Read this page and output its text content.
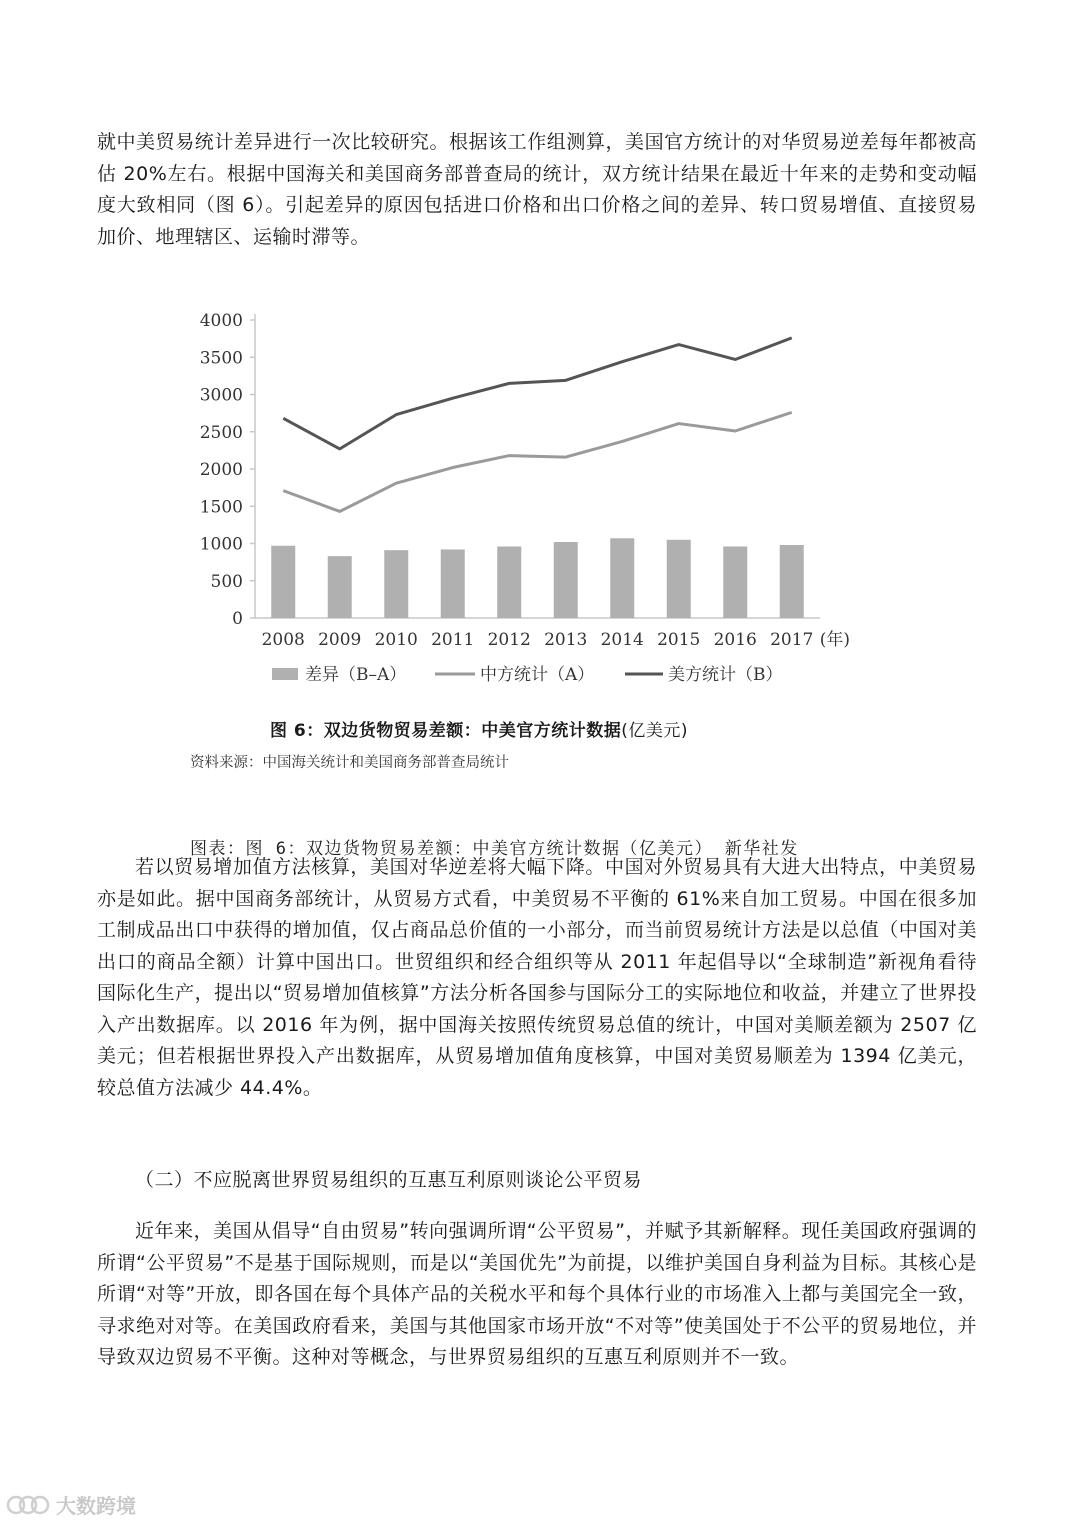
就中美贸易统计差异进行一次比较研究。根据该工作组测算，美国官方统计的对华贸易逆差每年都被高估 20%左右。根据中国海关和美国商务部普查局的统计，双方统计结果在最近十年来的走势和变动幅度大致相同（图 6）。引起差异的原因包括进口价格和出口价格之间的差异、转口贸易增值、直接贸易加价、地理辖区、运输时滞等。

0
500
1000
1500
2000
2500
3000
3500
4000
2008 2009 2010 2011 2012 2013 2014 2015 2016 2017 (年)
差异（B–A）	中方统计（A）	美方统计（B）
图 6：双边货物贸易差额：中美官方统计数据(亿美元)
资料来源：中国海关统计和美国商务部普查局统计
图表：图 6：双边货物贸易差额：中美官方统计数据（亿美元） 新华社发

若以贸易增加值方法核算，美国对华逆差将大幅下降。中国对外贸易具有大进大出特点，中美贸易亦是如此。据中国商务部统计，从贸易方式看，中美贸易不平衡的 61%来自加工贸易。中国在很多加工制成品出口中获得的增加值，仅占商品总价值的一小部分，而当前贸易统计方法是以总值（中国对美出口的商品全额）计算中国出口。世贸组织和经合组织等从 2011 年起倡导以“全球制造”新视角看待国际化生产，提出以“贸易增加值核算”方法分析各国参与国际分工的实际地位和收益，并建立了世界投入产出数据库。以 2016 年为例，据中国海关按照传统贸易总值的统计，中国对美顺差额为 2507 亿美元；但若根据世界投入产出数据库，从贸易增加值角度核算，中国对美贸易顺差为 1394 亿美元，较总值方法减少 44.4%。

（二）不应脱离世界贸易组织的互惠互利原则谈论公平贸易

近年来，美国从倡导“自由贸易”转向强调所谓“公平贸易”，并赋予其新解释。现任美国政府强调的所谓“公平贸易”不是基于国际规则，而是以“美国优先”为前提，以维护美国自身利益为目标。其核心是所谓“对等”开放，即各国在每个具体产品的关税水平和每个具体行业的市场准入上都与美国完全一致，寻求绝对对等。在美国政府看来，美国与其他国家市场开放“不对等”使美国处于不公平的贸易地位，并导致双边贸易不平衡。这种对等概念，与世界贸易组织的互惠互利原则并不一致。

大数跨境
